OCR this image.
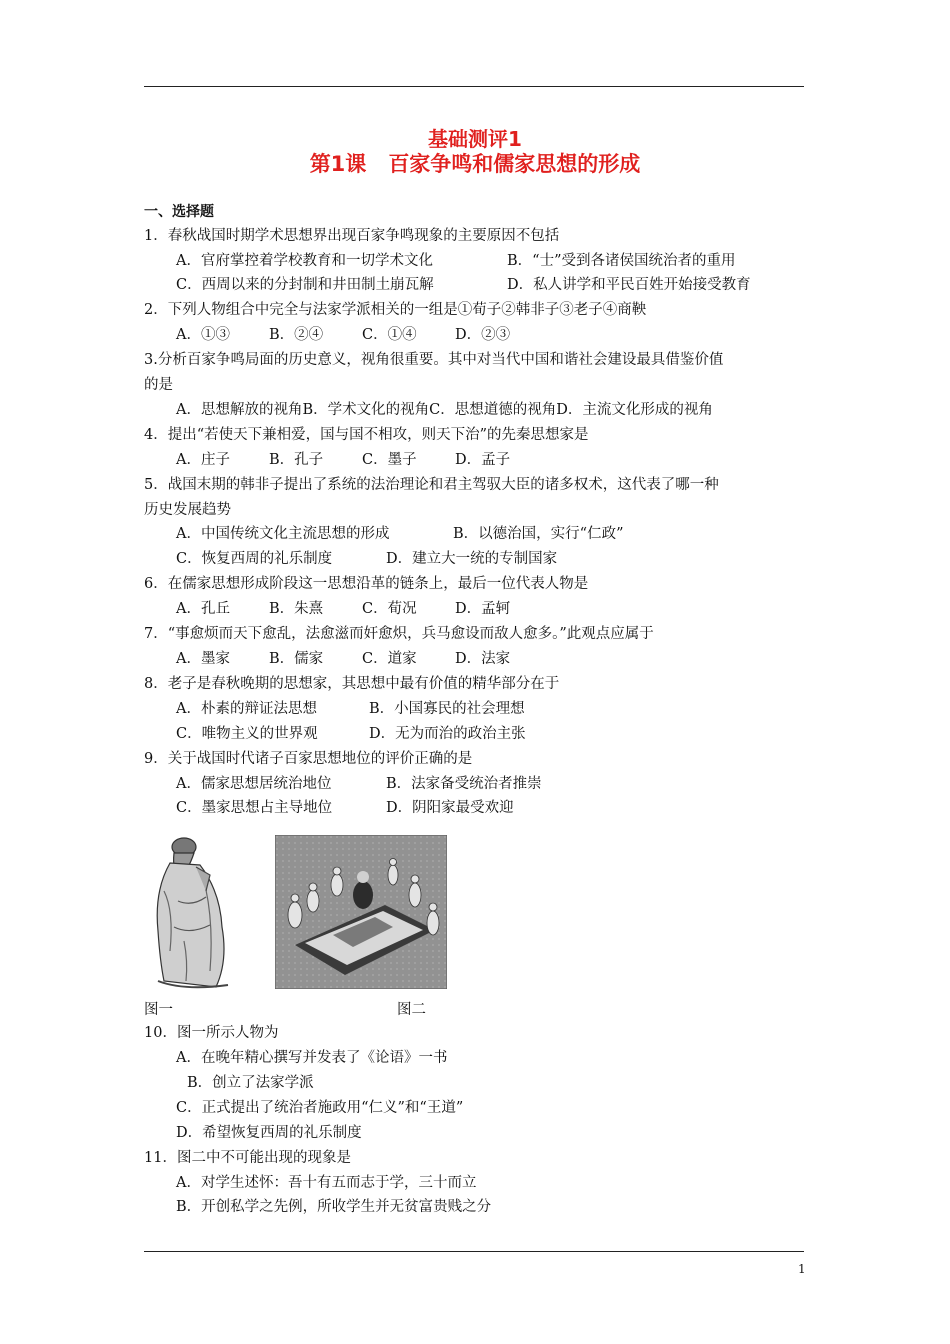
基础测评1
第1课 百家争鸣和儒家思想的形成
一、选择题
1．春秋战国时期学术思想界出现百家争鸣现象的主要原因不包括
A．官府掌控着学校教育和一切学术文化	B．“士”受到各诸侯国统治者的重用
C．西周以来的分封制和井田制土崩瓦解	D．私人讲学和平民百姓开始接受教育
2．下列人物组合中完全与法家学派相关的一组是①荀子②韩非子③老子④商鞅
A．①③	B．②④	C．①④	D．②③
3.分析百家争鸣局面的历史意义，视角很重要。其中对当代中国和谐社会建设最具借鉴价值
的是
A．思想解放的视角B．学术文化的视角C．思想道德的视角D．主流文化形成的视角
4．提出“若使天下兼相爱，国与国不相攻，则天下治”的先秦思想家是
A．庄子	B．孔子	C．墨子	D．孟子
5．战国末期的韩非子提出了系统的法治理论和君主驾驭大臣的诸多权术，这代表了哪一种
历史发展趋势
A．中国传统文化主流思想的形成	B．以德治国，实行“仁政”
C．恢复西周的礼乐制度	D．建立大一统的专制国家
6．在儒家思想形成阶段这一思想沿革的链条上，最后一位代表人物是
A．孔丘	B．朱熹	C．荀况	D．孟轲
7．“事愈烦而天下愈乱，法愈滋而奸愈炽，兵马愈设而敌人愈多。”此观点应属于
A．墨家	B．儒家	C．道家	D．法家
8．老子是春秋晚期的思想家，其思想中最有价值的精华部分在于
A．朴素的辩证法思想	B．小国寡民的社会理想
C．唯物主义的世界观	D．无为而治的政治主张
9．关于战国时代诸子百家思想地位的评价正确的是
A．儒家思想居统治地位	B．法家备受统治者推崇
C．墨家思想占主导地位	D．阴阳家最受欢迎
图一	图二
10．图一所示人物为
A．在晚年精心撰写并发表了《论语》一书
B．创立了法家学派
C．正式提出了统治者施政用“仁义”和“王道”
D．希望恢复西周的礼乐制度
11．图二中不可能出现的现象是
A．对学生述怀：吾十有五而志于学，三十而立
B．开创私学之先例，所收学生并无贫富贵贱之分
1
